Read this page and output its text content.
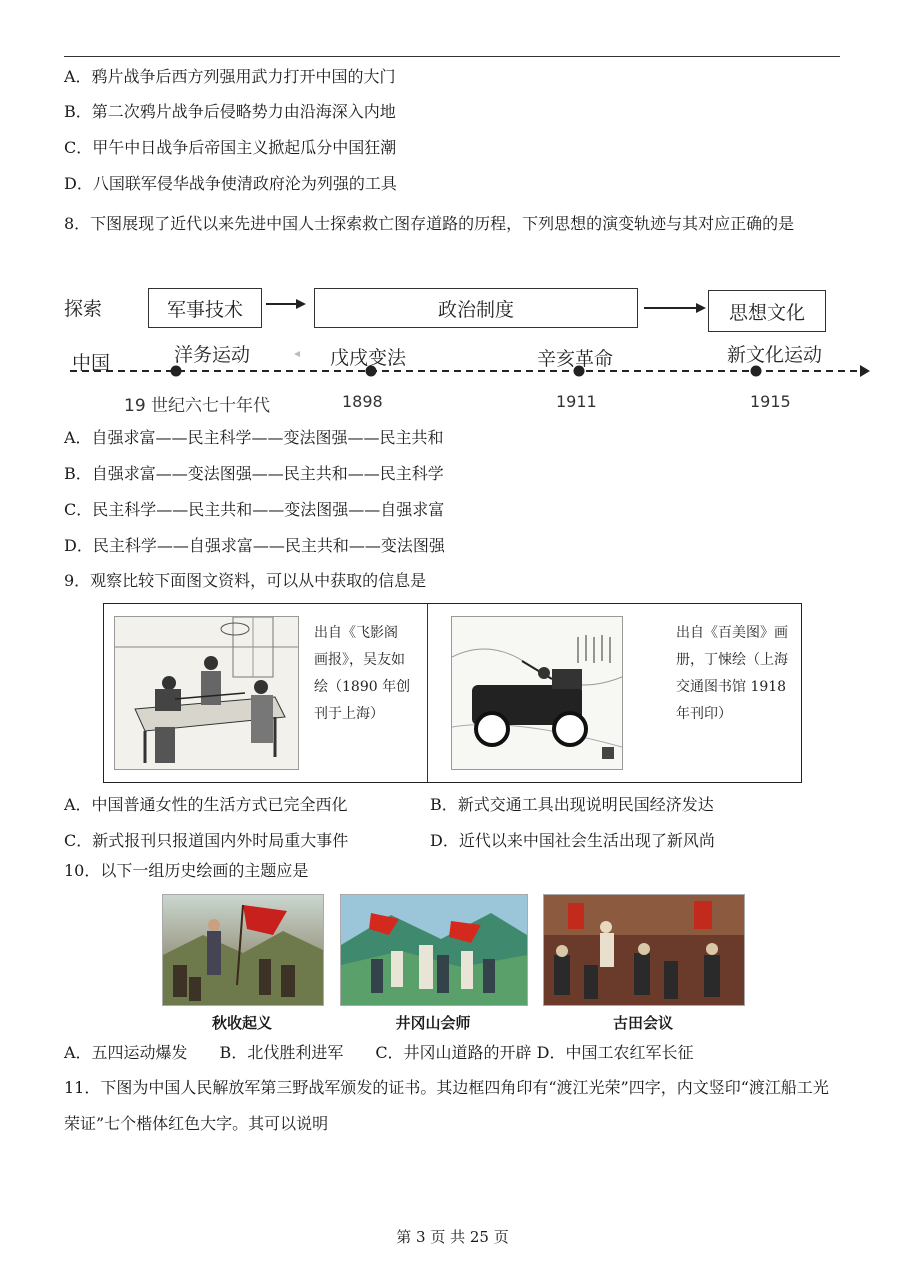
A．鸦片战争后西方列强用武力打开中国的大门
B．第二次鸦片战争后侵略势力由沿海深入内地
C．甲午中日战争后帝国主义掀起瓜分中国狂潮
D．八国联军侵华战争使清政府沦为列强的工具
8．下图展现了近代以来先进中国人士探索救亡图存道路的历程，下列思想的演变轨迹与其对应正确的是
探索
中国
军事技术	政治制度	思想文化
洋务运动	戊戌变法	辛亥革命	新文化运动
19 世纪六七十年代	1898	1911	1915
A．自强求富——民主科学——变法图强——民主共和
B．自强求富——变法图强——民主共和——民主科学
C．民主科学——民主共和——变法图强——自强求富
D．民主科学——自强求富——民主共和——变法图强
9．观察比较下面图文资料，可以从中获取的信息是
出自《飞影阁
画报》，吴友如
绘（1890 年创
刊于上海）
出自《百美图》画
册，丁悚绘（上海
交通图书馆 1918
年刊印）
A．中国普通女性的生活方式已完全西化	B．新式交通工具出现说明民国经济发达
C．新式报刊只报道国内外时局重大事件	D．近代以来中国社会生活出现了新风尚
10．以下一组历史绘画的主题应是
秋收起义	井冈山会师	古田会议
A．五四运动爆发　　B．北伐胜利进军　　C．井冈山道路的开辟 D．中国工农红军长征
11．下图为中国人民解放军第三野战军颁发的证书。其边框四角印有“渡江光荣”四字，内文竖印“渡江船工光荣证”七个楷体红色大字。其可以说明
第 3 页 共 25 页
